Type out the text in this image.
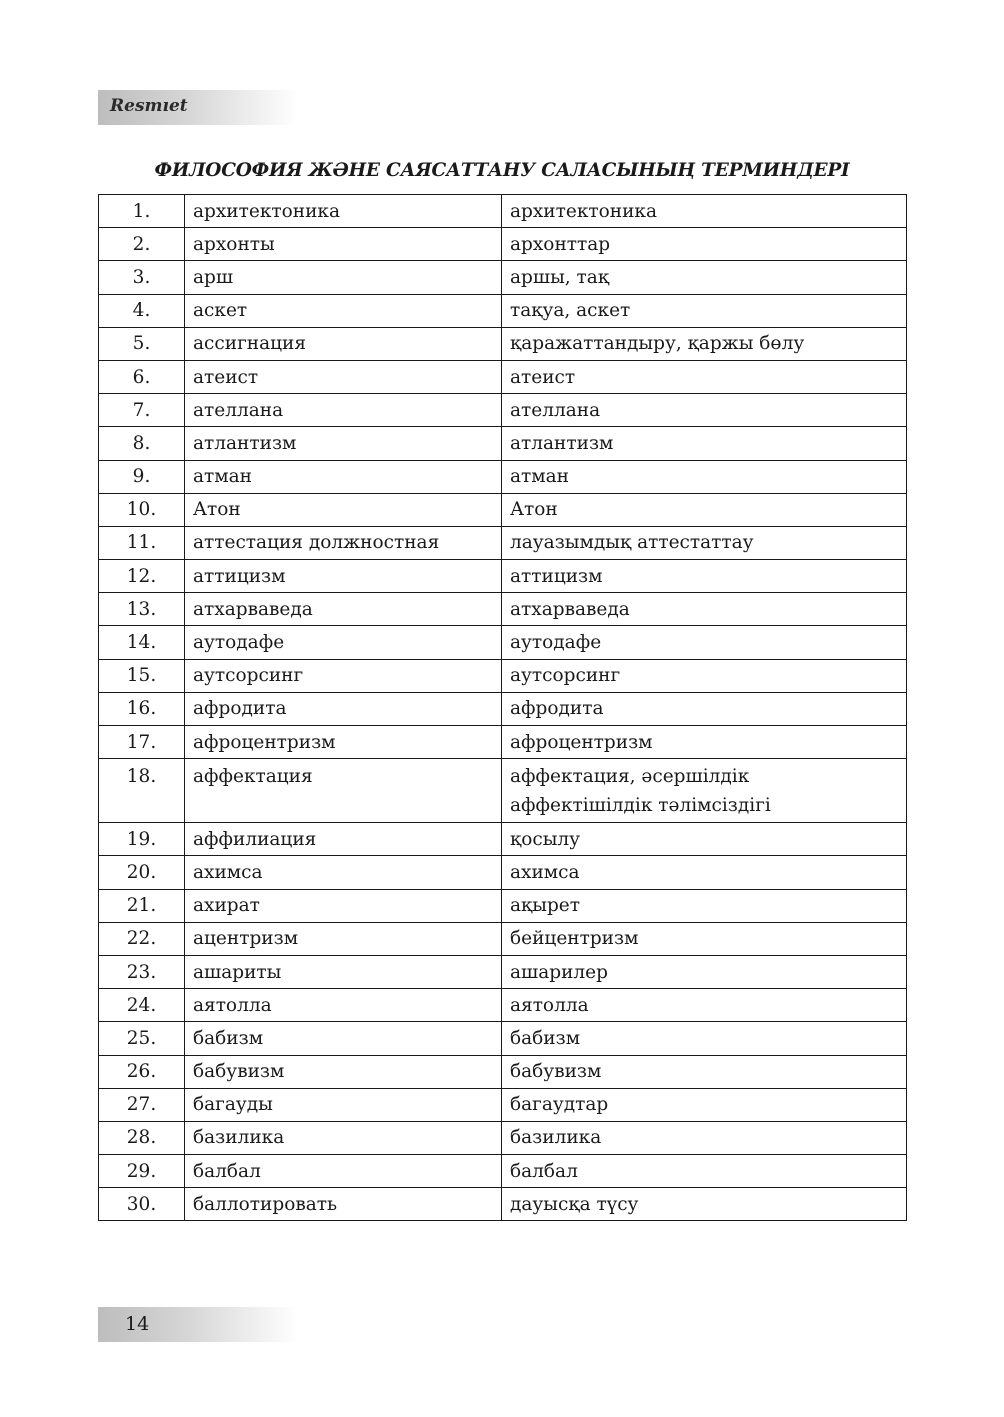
Resmıet
ФИЛОСОФИЯ ЖӘНЕ САЯСАТТАНУ САЛАСЫНЫҢ ТЕРМИНДЕРІ
1.	архитектоника	архитектоника

2.	архонты	архонттар

3.	арш	аршы, тақ

4.	аскет	тақуа, аскет

5.	ассигнация	қаражаттандыру, қаржы бөлу

6.	атеист	атеист

7.	ателлана	ателлана

8.	атлантизм	атлантизм

9.	атман	атман

10.	Атон	Атон

11.	аттестация должностная	лауазымдық аттестаттау

12.	аттицизм	аттицизм

13.	атхарваведа	атхарваведа

14.	аутодафе	аутодафе

15.	аутсорсинг	аутсорсинг

16.	афродита	афродита

17.	афроцентризм	афроцентризм

18.	аффектация	аффектация, әсершілдік
аффектішілдік тәлімсіздігі

19.	аффилиация	қосылу

20.	ахимса	ахимса

21.	ахират	ақырет

22.	ацентризм	бейцентризм

23.	ашариты	ашарилер

24.	аятолла	аятолла

25.	бабизм	бабизм

26.	бабувизм	бабувизм

27.	багауды	багаудтар

28.	базилика	базилика

29.	балбал	балбал

30.	баллотировать	дауысқа түсу
14
